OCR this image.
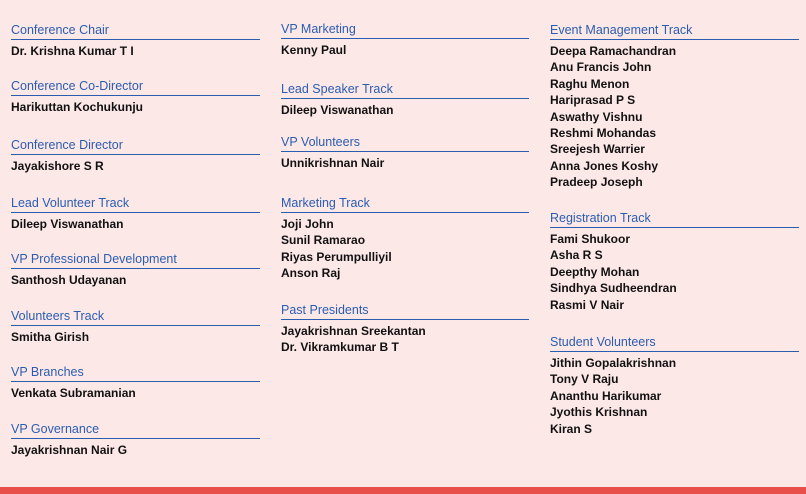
Conference Chair
Dr. Krishna Kumar T I
Conference Co-Director
Harikuttan Kochukunju
Conference Director
Jayakishore S R
Lead Volunteer Track
Dileep Viswanathan
VP Professional Development
Santhosh Udayanan
Volunteers Track
Smitha Girish
VP Branches
Venkata Subramanian
VP Governance
Jayakrishnan Nair G
VP Marketing
Kenny Paul
Lead Speaker Track
Dileep Viswanathan
VP Volunteers
Unnikrishnan Nair
Marketing Track
Joji John
Sunil Ramarao
Riyas Perumpulliyil
Anson Raj
Past Presidents
Jayakrishnan Sreekantan
Dr. Vikramkumar B T
Event Management Track
Deepa Ramachandran
Anu Francis John
Raghu Menon
Hariprasad P S
Aswathy Vishnu
Reshmi Mohandas
Sreejesh Warrier
Anna Jones Koshy
Pradeep Joseph
Registration Track
Fami Shukoor
Asha R S
Deepthy Mohan
Sindhya Sudheendran
Rasmi V Nair
Student Volunteers
Jithin Gopalakrishnan
Tony V Raju
Ananthu Harikumar
Jyothis Krishnan
Kiran S
